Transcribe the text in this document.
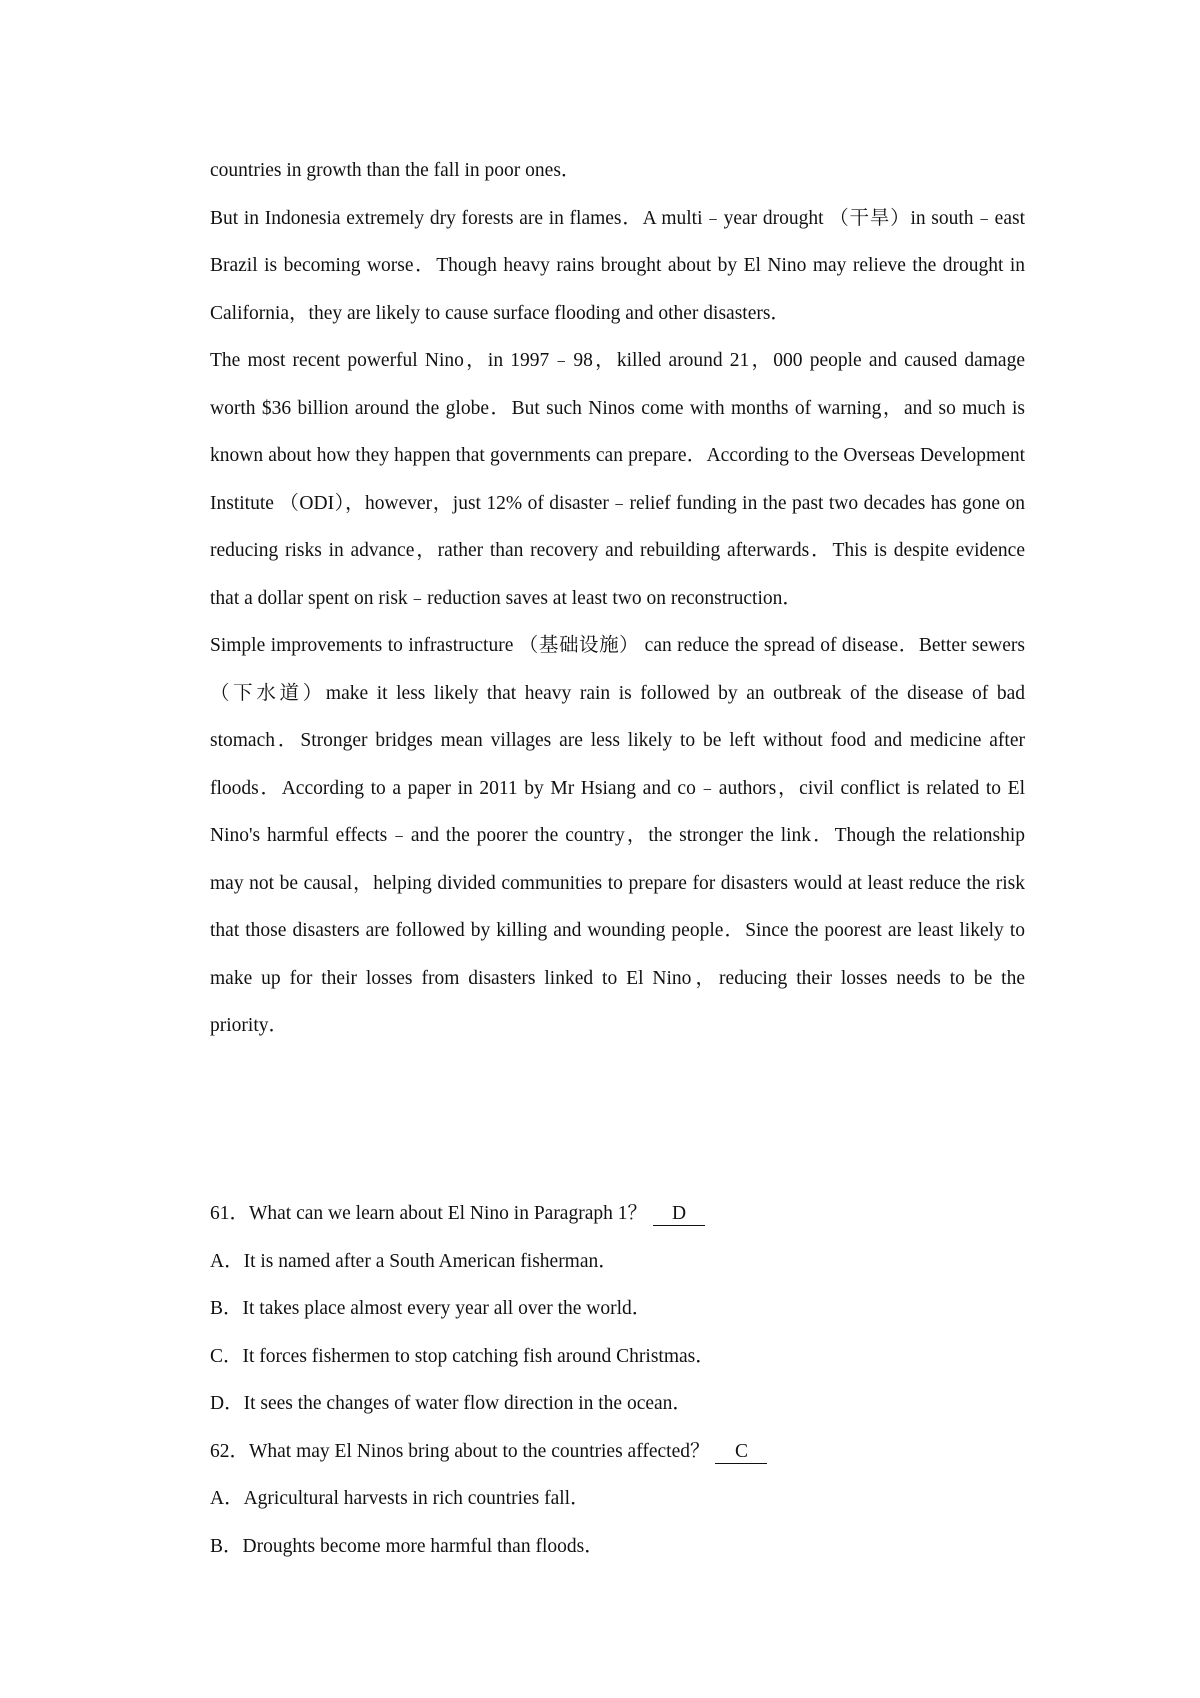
countries in growth than the fall in poor ones．

But in Indonesia extremely dry forests are in flames．A multi﹣year drought （干旱）in south﹣east Brazil is becoming worse．Though heavy rains brought about by El Nino may relieve the drought in California，they are likely to cause surface flooding and other disasters．

The most recent powerful Nino，in 1997﹣98，killed around 21，000 people and caused damage worth $36 billion around the globe．But such Ninos come with months of warning，and so much is known about how they happen that governments can prepare．According to the Overseas Development Institute （ODI），however，just 12% of disaster﹣relief funding in the past two decades has gone on reducing risks in advance，rather than recovery and rebuilding afterwards．This is despite evidence that a dollar spent on risk﹣reduction saves at least two on reconstruction．

Simple improvements to infrastructure （基础设施） can reduce the spread of disease．Better sewers （下水道）make it less likely that heavy rain is followed by an outbreak of the disease of bad stomach．Stronger bridges mean villages are less likely to be left without food and medicine after floods．According to a paper in 2011 by Mr Hsiang and co﹣authors，civil conflict is related to El Nino's harmful effects﹣and the poorer the country，the stronger the link．Though the relationship may not be causal，helping divided communities to prepare for disasters would at least reduce the risk that those disasters are followed by killing and wounding people．Since the poorest are least likely to make up for their losses from disasters linked to El Nino，reducing their losses needs to be the priority．

61．What can we learn about El Nino in Paragraph 1？ D

A．It is named after a South American fisherman．

B．It takes place almost every year all over the world．

C．It forces fishermen to stop catching fish around Christmas．

D．It sees the changes of water flow direction in the ocean．

62．What may El Ninos bring about to the countries affected？ C

A．Agricultural harvests in rich countries fall．

B．Droughts become more harmful than floods．
